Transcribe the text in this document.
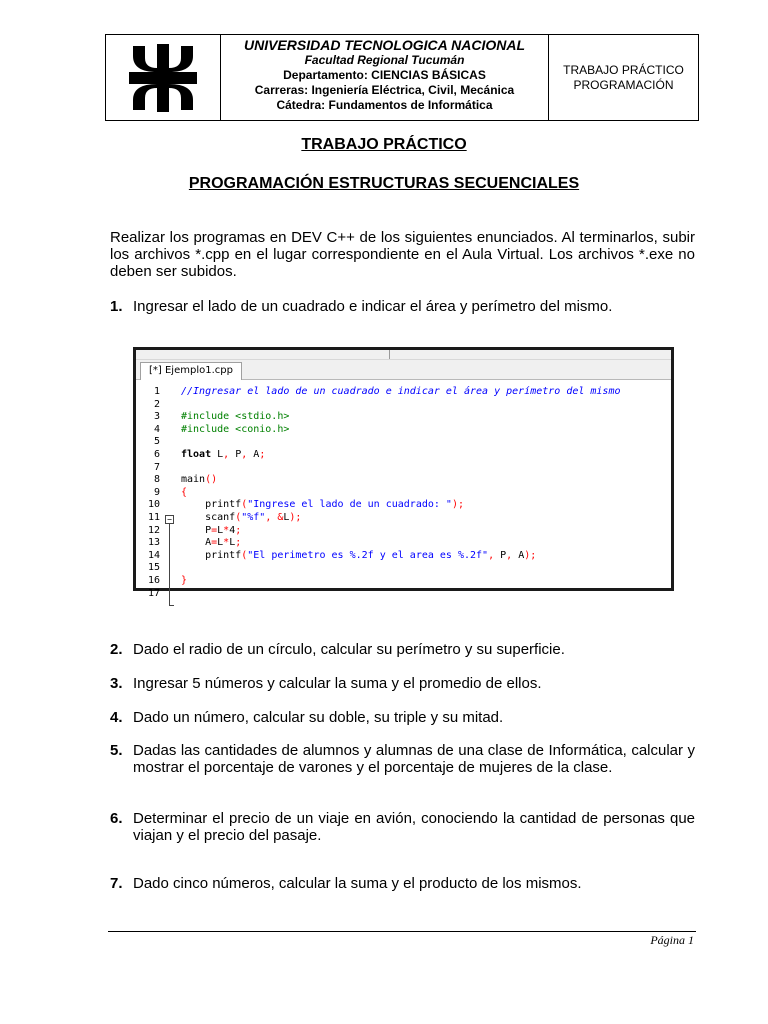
UNIVERSIDAD TECNOLOGICA NACIONAL
Facultad Regional Tucumán
Departamento: CIENCIAS BÁSICAS
Carreras: Ingeniería Eléctrica, Civil, Mecánica
Cátedra: Fundamentos de Informática
TRABAJO PRÁCTICO
PROGRAMACIÓN
TRABAJO PRÁCTICO
PROGRAMACIÓN ESTRUCTURAS SECUENCIALES
Realizar los programas en DEV C++ de los siguientes enunciados. Al terminarlos, subir los archivos *.cpp en el lugar correspondiente en el Aula Virtual. Los archivos *.exe no deben ser subidos.
1. Ingresar el lado de un cuadrado e indicar el área y perímetro del mismo.
[*] Ejemplo1.cpp
−
1 //Ingresar el lado de un cuadrado e indicar el área y perímetro del mismo
2
3 #include <stdio.h>
4 #include <conio.h>
5
6 float L, P, A;
7
8 main()
9 {
10 printf("Ingrese el lado de un cuadrado: ");
11 scanf("%f", &L);
12 P=L*4;
13 A=L*L;
14 printf("El perimetro es %.2f y el area es %.2f", P, A);
15
16 }
17
2. Dado el radio de un círculo, calcular su perímetro y su superficie.
3. Ingresar 5 números y calcular la suma y el promedio de ellos.
4. Dado un número, calcular su doble, su triple y su mitad.
5. Dadas las cantidades de alumnos y alumnas de una clase de Informática, calcular y mostrar el porcentaje de varones y el porcentaje de mujeres de la clase.
6. Determinar el precio de un viaje en avión, conociendo la cantidad de personas que viajan y el precio del pasaje.
7. Dado cinco números, calcular la suma y el producto de los mismos.
Página 1
